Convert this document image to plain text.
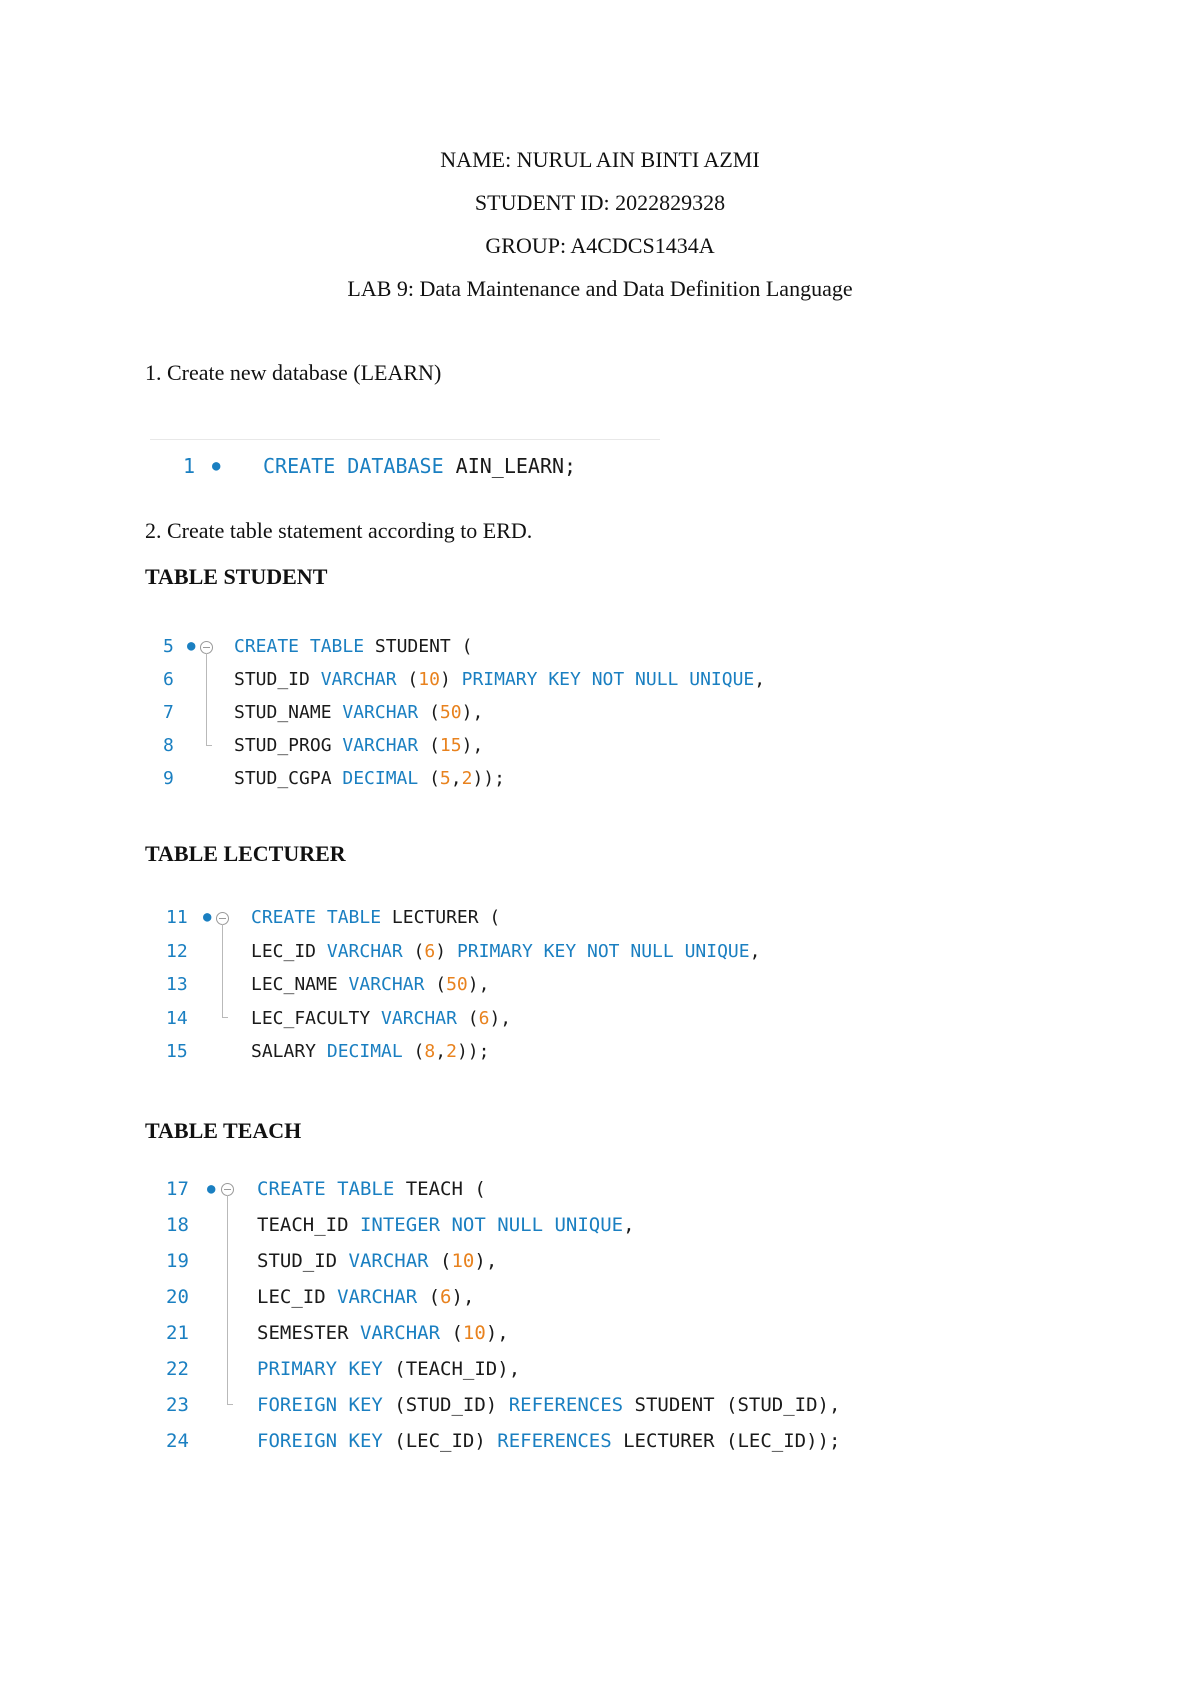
NAME: NURUL AIN BINTI AZMI
STUDENT ID: 2022829328
GROUP: A4CDCS1434A
LAB 9: Data Maintenance and Data Definition Language
1. Create new database (LEARN)
1 ● CREATE DATABASE AIN_LEARN;
2. Create table statement according to ERD.
TABLE STUDENT
5 ● CREATE TABLE STUDENT (
6	STUD_ID VARCHAR (10) PRIMARY KEY NOT NULL UNIQUE,
7	STUD_NAME VARCHAR (50),
8	STUD_PROG VARCHAR (15),
9	STUD_CGPA DECIMAL (5,2));
TABLE LECTURER
11 ● CREATE TABLE LECTURER (
12	LEC_ID VARCHAR (6) PRIMARY KEY NOT NULL UNIQUE,
13	LEC_NAME VARCHAR (50),
14	LEC_FACULTY VARCHAR (6),
15	SALARY DECIMAL (8,2));
TABLE TEACH
17 ● CREATE TABLE TEACH (
18	TEACH_ID INTEGER NOT NULL UNIQUE,
19	STUD_ID VARCHAR (10),
20	LEC_ID VARCHAR (6),
21	SEMESTER VARCHAR (10),
22	PRIMARY KEY (TEACH_ID),
23	FOREIGN KEY (STUD_ID) REFERENCES STUDENT (STUD_ID),
24	FOREIGN KEY (LEC_ID) REFERENCES LECTURER (LEC_ID));
